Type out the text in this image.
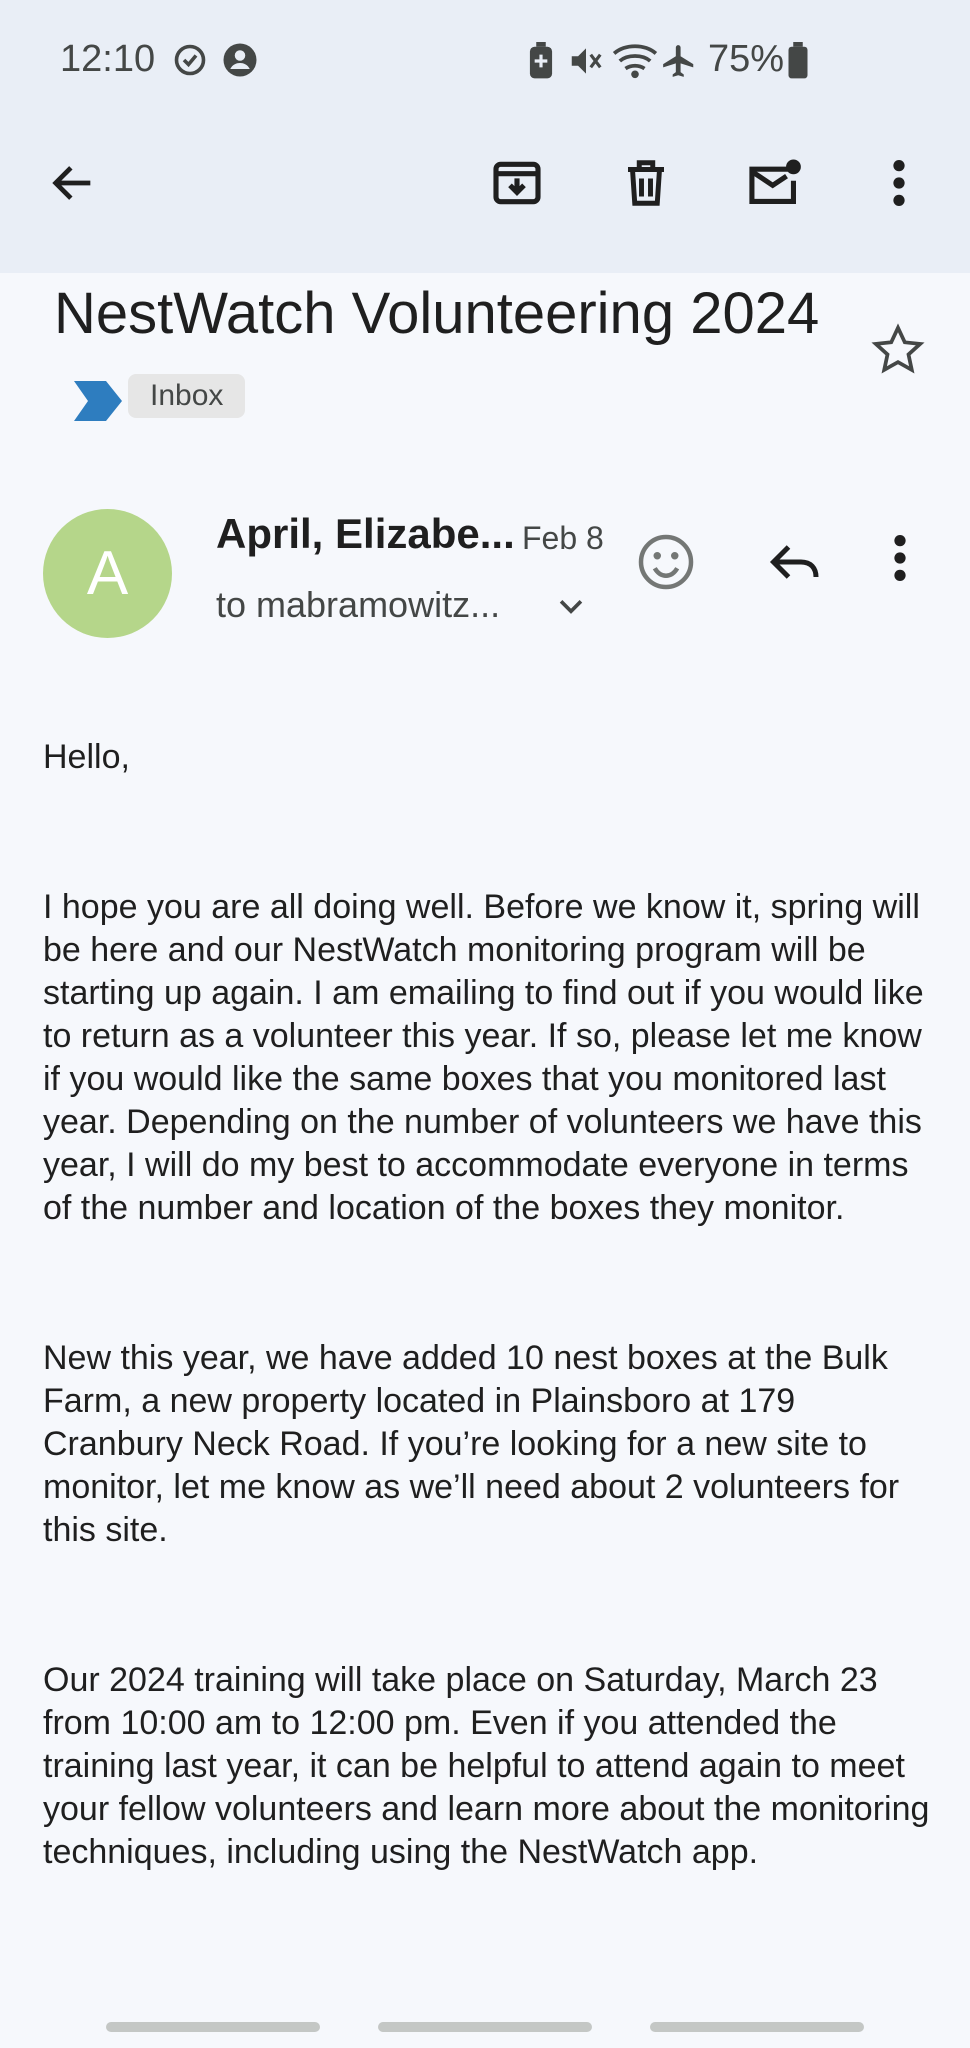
12:10	75%
NestWatch Volunteering 2024Inbox
A
April, Elizabe... Feb 8
to mabramowitz...

Hello,

I hope you are all doing well. Before we know it, spring will be here and our NestWatch monitoring program will be starting up again. I am emailing to find out if you would like to return as a volunteer this year. If so, please let me know if you would like the same boxes that you monitored last year. Depending on the number of volunteers we have this year, I will do my best to accommodate everyone in terms of the number and location of the boxes they monitor.

New this year, we have added 10 nest boxes at the Bulk Farm, a new property located in Plainsboro at 179 Cranbury Neck Road. If you’re looking for a new site to monitor, let me know as we’ll need about 2 volunteers for this site.

Our 2024 training will take place on Saturday, March 23 from 10:00 am to 12:00 pm. Even if you attended the training last year, it can be helpful to attend again to meet your fellow volunteers and learn more about the monitoring techniques, including using the NestWatch app.
